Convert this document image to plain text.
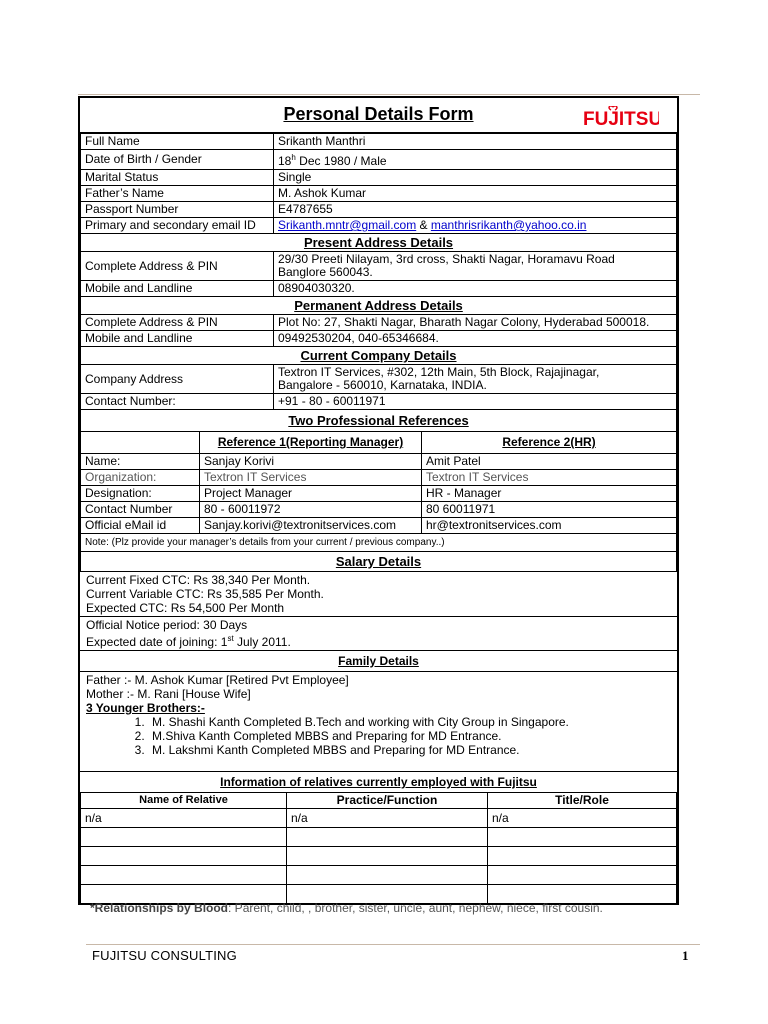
Personal Details Form	FUJITSU
Full Name	Srikanth Manthri
Date of Birth / Gender	18$^h$ Dec 1980 / Male
Marital Status	Single
Father’s Name	M. Ashok Kumar
Passport Number	E4787655
Primary and secondary email ID	Srikanth.mntr@gmail.com & manthrisrikanth@yahoo.co.in
Present Address Details	
Complete Address & PIN	29/30 Preeti Nilayam, 3rd cross, Shakti Nagar, Horamavu Road
Banglore 560043.

Mobile and Landline	08904030320.
Permanent Address Details	
Complete Address & PIN	Plot No: 27, Shakti Nagar, Bharath Nagar Colony, Hyderabad 500018.
Mobile and Landline	09492530204, 040-65346684.
Current Company Details	
Company Address	Textron IT Services, #302, 12th Main, 5th Block, Rajajinagar,
Bangalore - 560010, Karnataka, INDIA.

Contact Number:	+91 - 80 - 60011971
Two Professional References	
	Reference 1(Reporting Manager)	Reference 2(HR)
Name:	Sanjay Korivi	Amit Patel
Organization:	Textron IT Services	Textron IT Services
Designation:	Project Manager	HR - Manager
Contact Number	80 - 60011972	80 60011971
Official eMail id	Sanjay.korivi@textronitservices.com	hr@textronitservices.com
Note: (Plz provide your manager’s details from your current / previous company..)		
Salary Details		
Current Fixed CTC: Rs 38,340 Per Month.
Current Variable CTC: Rs 35,585 Per Month.
Expected CTC: Rs 54,500 Per Month
Official Notice period: 30 Days
Expected date of joining: 1st July 2011.
Family Details
Father :- M. Ashok Kumar [Retired Pvt Employee]
Mother :- M. Rani [House Wife]
3 Younger Brothers:-
1. M. Shashi Kanth Completed B.Tech and working with City Group in Singapore.
2. M.Shiva Kanth Completed MBBS and Preparing for MD Entrance.
3. M. Lakshmi Kanth Completed MBBS and Preparing for MD Entrance.
Information of relatives currently employed with Fujitsu
Name of Relative	Practice/Function	Title/Role
n/a	n/a	n/a

*Relationships by Blood: Parent, child, , brother, sister, uncle, aunt, nephew, niece, first cousin.
FUJITSU CONSULTING	1
